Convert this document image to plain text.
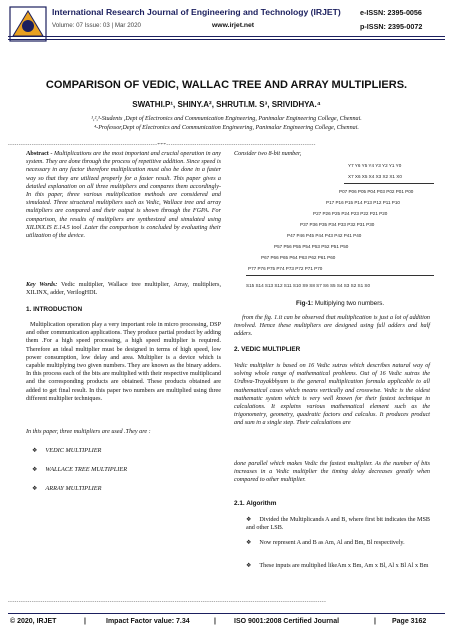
International Research Journal of Engineering and Technology (IRJET)	e-ISSN: 2395-0056
Volume: 07 Issue: 03 | Mar 2020	www.irjet.net	p-ISSN: 2395-0072
COMPARISON OF VEDIC, WALLAC TREE AND ARRAY MULTIPLIERS.
SWATHI.P¹, SHINY.A², SHRUTI.M. S³, SRIVIDHYA.⁴
¹,²,³-Students ,Dept of Electronics and Communication Engineering, Panimalar Engineering College, Chennai.
⁴-Professor,Dept of Electronics and Communication Engineering, Panimalar Engineering College, Chennai.
---------------------------------------------------------------------***---------------------------------------------------------------------
Abstract - Multiplications are the most important and crucial operation in any system. They are done through the process of repetitive addition. Since speed is necessary in any factor therefore multiplication must also be done in a faster way so that they are utilized properly for a faster result. This paper gives a detailed explanation on all three multipliers and compares them accordingly-In this paper, three various multiplication methods are considered and simulated. Three structural multipliers such as Vedic, Wallace tree and array multipliers are compared and their output is shown through the FGPA. For comparison, the results of multipliers are synthesized and simulated using XILINX.IS E.14.5 tool .Later the comparison is concluded by evaluating their utilization of the device.
Key Words: Vedic multiplier, Wallace tree multiplier, Array, multipliers, XILINX, adder, VerilogHDL
1. INTRODUCTION
Multiplication operation play a very important role in micro processing, DSP and other communication applications. They produce partial product by adding them .For a high speed processing, a high speed multiplier is required. Therefore an ideal multiplier must be designed in terms of high speed, low power consumption, low delay and area. Multiplier is a device which is capable multiplying two given numbers. They are known as the binary adders. In this process each of the bits are multiplied with their respective multiplicand and the corresponding products are obtained. These products obtained are added to get final result. In this paper two numbers are multiplied using three different multiplier techniques.
In this paper, three multipliers are used .They are :
❖ VEDIC MULTIPLIER
❖ WALLACE TREE MULTIPLIER
❖ ARRAY MULTIPLIER
Consider two 8-bit number,
Y7 Y6 Y5 Y4 Y3 Y2 Y1 Y0
X7 X6 X5 X4 X3 X2 X1 X0
P07 P06 P05 P04 P03 P02 P01 P00
P17 P16 P15 P14 P13 P12 P11 P10
P27 P26 P25 P24 P23 P22 P21 P20
P37 P36 P35 P34 P33 P32 P31 P30
P47 P46 P45 P44 P43 P42 P41 P40
P57 P56 P55 P54 P53 P52 P51 P50
P67 P66 P65 P64 P63 P62 P61 P60
P77 P76 P75 P74 P73 P72 P71 P70
S15 S14 S13 S12 S11 S10 S9 S8 S7 S6 S5 S4 S3 S2 S1 S0
Fig-1: Multiplying two numbers.
from the fig. 1.it can be observed that multiplication is just a lot of addition involved. Hence these multipliers are designed using full adders and half adders.
2. VEDIC MULTIPLIER
Vedic multiplier is based on 16 Vedic sutras which describes natural way of solving whole range of mathematical problems. Out of 16 Vedic sutras the Urdhva-Trayakbhyam is the general multiplication formula applicable to all mathematical cases which means vertically and crosswise. Vedic is the oldest mathematic system which is very well known for their fastest technique in calculations. It explains various mathematical element such as the trigonometry, geometry, quadratic factors and calculus. It produces product and sum in a single step. Their calculations are
done parallel which makes Vedic the fastest multiplier. As the number of bits increases in a Vedic multiplier the timing delay decreases greatly when compared to other multiplier.
2.1. Algorithm
❖ Divided the Multiplicands A and B, where first bit indicates the MSB and other LSB.
❖ Now represent A and B as Am, Al and Bm, Bl respectively.
❖ These inputs are multiplied likeAm x Bm, Am x Bl, Al x Bl Al x Bm
---------------------------------------------------------------------------------------------------------------------------------------------------
© 2020, IRJET	|	Impact Factor value: 7.34	|	ISO 9001:2008 Certified Journal	| Page 3162
